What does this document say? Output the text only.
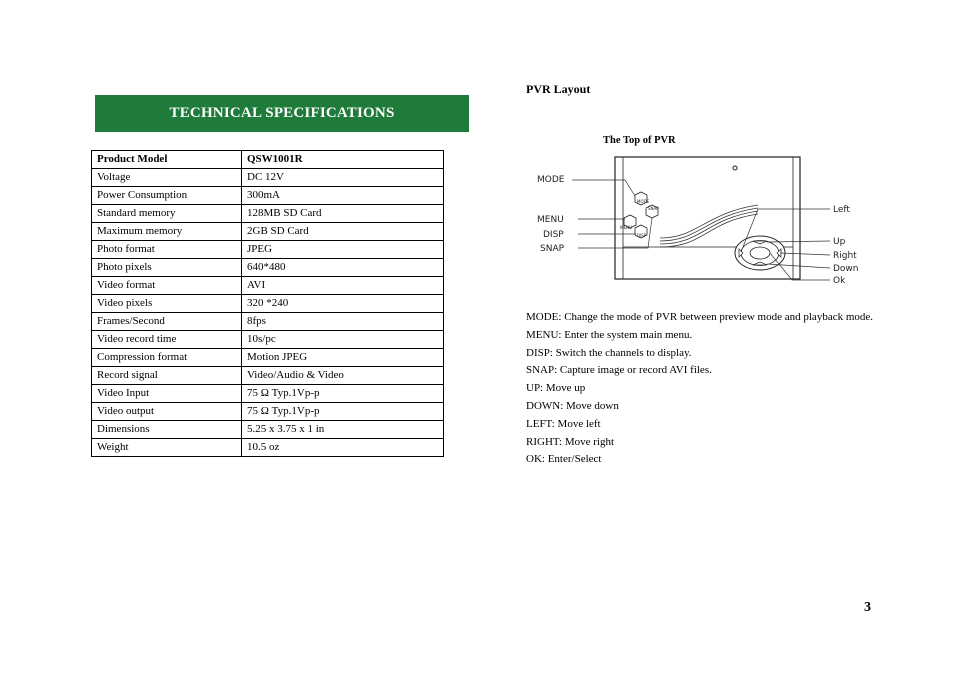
TECHNICAL SPECIFICATIONS
Product Model	QSW1001R
Voltage	DC 12V
Power Consumption	300mA
Standard memory	128MB SD Card
Maximum memory	2GB SD Card
Photo format	JPEG
Photo pixels	640*480
Video format	AVI
Video pixels	320 *240
Frames/Second	8fps
Video record time	10s/pc
Compression format	Motion JPEG
Record signal	Video/Audio & Video
Video Input	75 Ω Typ.1Vp-p
Video output	75 Ω Typ.1Vp-p
Dimensions	5.25 x 3.75 x 1 in
Weight	10.5 oz
PVR Layout
The Top of PVR
MODE
SNAP
MENU
DISP
MODE
MENU
DISP
SNAP
Left
Up
Right
Down
Ok

MODE: Change the mode of PVR between preview mode and playback mode.

MENU: Enter the system main menu.

DISP: Switch the channels to display.

SNAP: Capture image or record AVI files.

UP: Move up

DOWN: Move down

LEFT: Move left

RIGHT: Move right

OK: Enter/Select

3
